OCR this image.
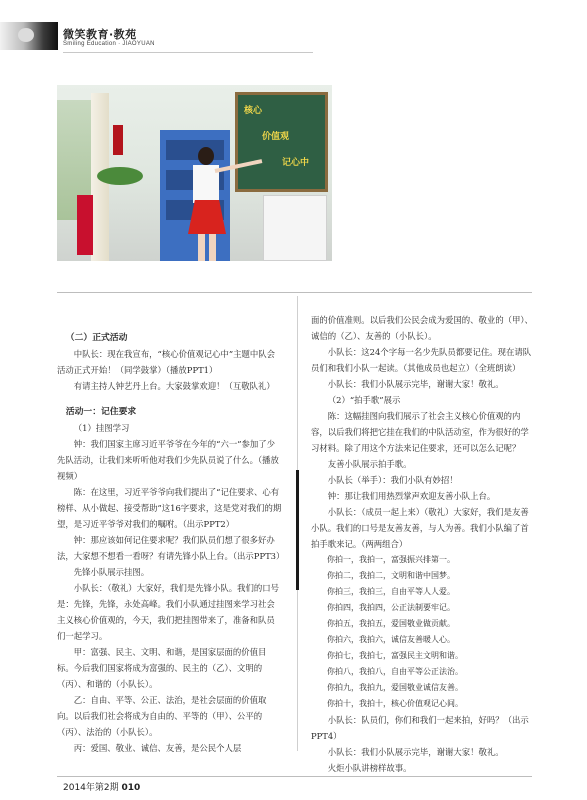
微笑教育·教苑
Smiling Education · JIAOYUAN
核心
价值观
记心中

（二）正式活动

中队长：现在我宣布，“核心价值观记心中”主题中队会活动正式开始！（同学鼓掌）（播放PPT1）

有请主持人钟艺丹上台。大家鼓掌欢迎！（互敬队礼）

活动一：记住要求

（1）挂图学习

钟：我们国家主席习近平爷爷在今年的“六一”参加了少先队活动，让我们来听听他对我们少先队员说了什么。（播放视频）

陈：在这里，习近平爷爷向我们提出了“记住要求、心有榜样、从小做起、接受帮助”这16字要求，这是党对我们的期望，是习近平爷爷对我们的嘱咐。（出示PPT2）

钟：那应该如何记住要求呢？我们队员们想了很多好办法，大家想不想看一看呀？有请先锋小队上台。（出示PPT3）

先锋小队展示挂图。

小队长：（敬礼）大家好，我们是先锋小队。我们的口号是：先锋，先锋，永处高峰。我们小队通过挂图来学习社会主义核心价值观的，今天，我们把挂图带来了，准备和队员们一起学习。

甲：富强、民主、文明、和谐，是国家层面的价值目标。今后我们国家将成为富强的、民主的（乙）、文明的（丙）、和谐的（小队长）。

乙：自由、平等、公正、法治，是社会层面的价值取向。以后我们社会将成为自由的、平等的（甲）、公平的（丙）、法治的（小队长）。

丙：爱国、敬业、诚信、友善，是公民个人层

面的价值准则。以后我们公民会成为爱国的、敬业的（甲）、诚信的（乙）、友善的（小队长）。

小队长：这24个字每一名少先队员都要记住。现在请队员们和我们小队一起读。（其他成员也起立）（全班朗读）

小队长：我们小队展示完毕，谢谢大家！敬礼。

（2）“拍手歌”展示

陈：这幅挂图向我们展示了社会主义核心价值观的内容，以后我们将把它挂在我们的中队活动室，作为很好的学习材料。除了用这个方法来记住要求，还可以怎么记呢？

友善小队展示拍手歌。

小队长（举手）：我们小队有妙招！

钟：那让我们用热烈掌声欢迎友善小队上台。

小队长：（成员一起上来）（敬礼）大家好，我们是友善小队。我们的口号是友善友善，与人为善。我们小队编了首拍手歌来记。（两两组合）

你拍一，我拍一，富强振兴排第一。

你拍二，我拍二，文明和谐中国梦。

你拍三，我拍三，自由平等人人爱。

你拍四，我拍四，公正法制要牢记。

你拍五，我拍五，爱国敬业做贡献。

你拍六，我拍六，诚信友善暖人心。

你拍七，我拍七，富强民主文明和谐。

你拍八，我拍八，自由平等公正法治。

你拍九，我拍九，爱国敬业诚信友善。

你拍十，我拍十，核心价值观记心间。

小队长：队员们，你们和我们一起来拍，好吗？（出示PPT4）

小队长：我们小队展示完毕，谢谢大家！敬礼。

火炬小队讲榜样故事。

2014年第2期 010
